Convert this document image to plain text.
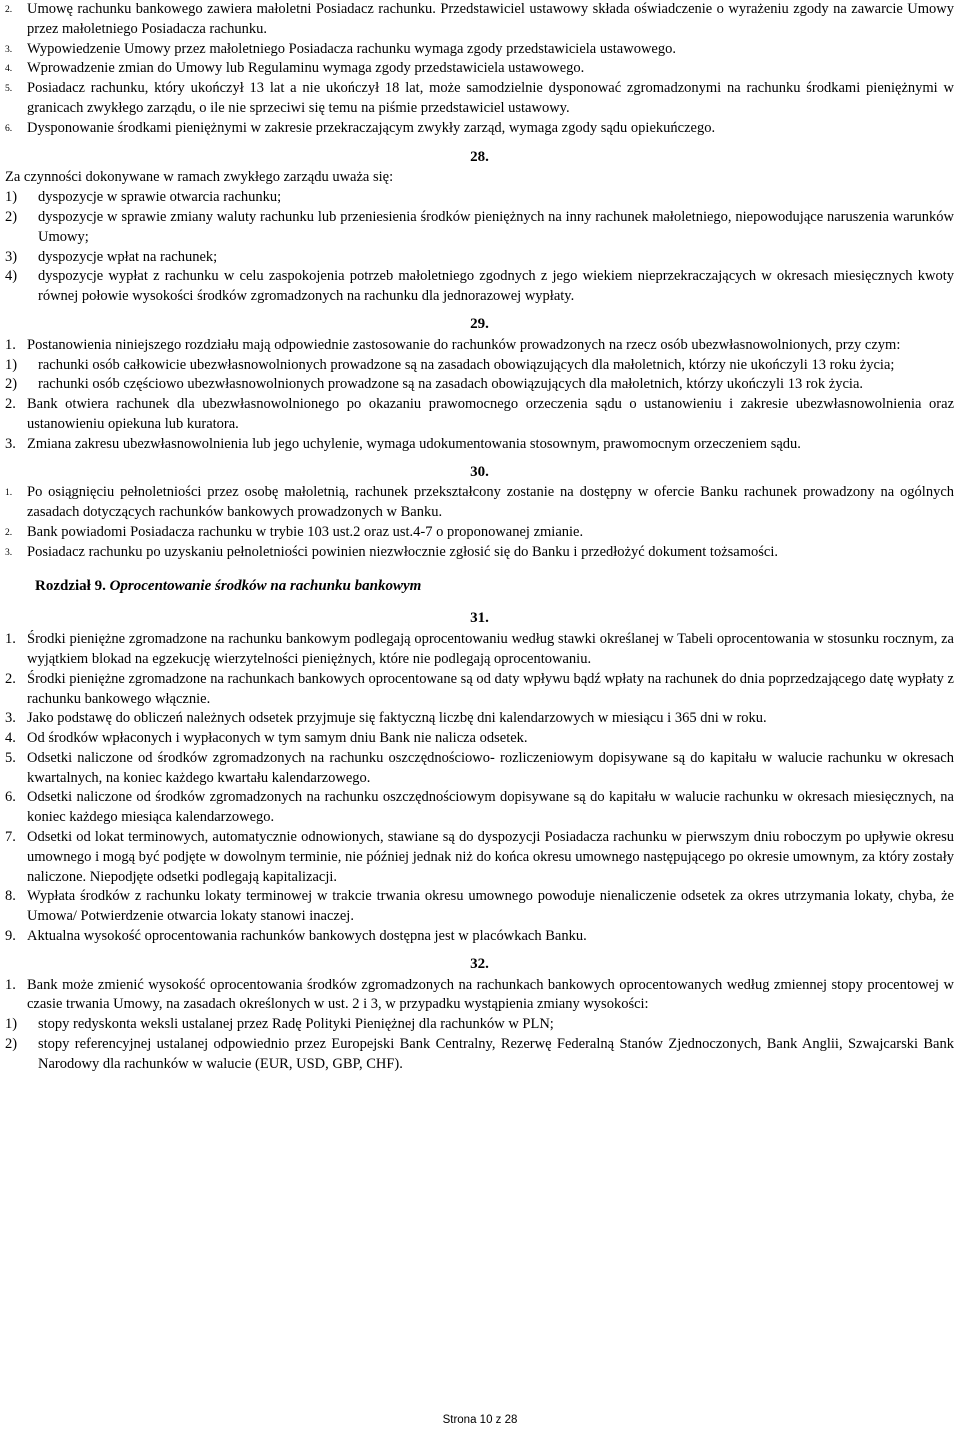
2.	Umowę rachunku bankowego zawiera małoletni Posiadacz rachunku. Przedstawiciel ustawowy składa oświadczenie o wyrażeniu zgody na zawarcie Umowy przez małoletniego Posiadacza rachunku.
3.	Wypowiedzenie Umowy przez małoletniego Posiadacza rachunku wymaga zgody przedstawiciela ustawowego.
4.	Wprowadzenie zmian do Umowy lub Regulaminu wymaga zgody przedstawiciela ustawowego.
5.	Posiadacz rachunku, który ukończył 13 lat a nie ukończył 18 lat, może samodzielnie dysponować zgromadzonymi na rachunku środkami pieniężnymi w granicach zwykłego zarządu, o ile nie sprzeciwi się temu na piśmie przedstawiciel ustawowy.
6.	Dysponowanie środkami pieniężnymi w zakresie przekraczającym zwykły zarząd, wymaga zgody sądu opiekuńczego.
28.
Za czynności dokonywane w ramach zwykłego zarządu uważa się:
1)	dyspozycje w sprawie otwarcia rachunku;
2)	dyspozycje w sprawie zmiany waluty rachunku lub przeniesienia środków pieniężnych na inny rachunek małoletniego, niepowodujące naruszenia warunków Umowy;
3)	dyspozycje wpłat na rachunek;
4)	dyspozycje wypłat z rachunku w celu zaspokojenia potrzeb małoletniego zgodnych z jego wiekiem nieprzekraczających w okresach miesięcznych kwoty równej połowie wysokości środków zgromadzonych na rachunku dla jednorazowej wypłaty.
29.
1. Postanowienia niniejszego rozdziału mają odpowiednie zastosowanie do rachunków prowadzonych na rzecz osób ubezwłasnowolnionych, przy czym:
1)	rachunki osób całkowicie ubezwłasnowolnionych prowadzone są na zasadach obowiązujących dla małoletnich, którzy nie ukończyli 13 roku życia;
2)	rachunki osób częściowo ubezwłasnowolnionych prowadzone są na zasadach obowiązujących dla małoletnich, którzy ukończyli 13 rok życia.
2. Bank otwiera rachunek dla ubezwłasnowolnionego po okazaniu prawomocnego orzeczenia sądu o ustanowieniu i zakresie ubezwłasnowolnienia oraz ustanowieniu opiekuna lub kuratora.
3. Zmiana zakresu ubezwłasnowolnienia lub jego uchylenie, wymaga udokumentowania stosownym, prawomocnym orzeczeniem sądu.
30.
1.	Po osiągnięciu pełnoletniości przez osobę małoletnią, rachunek przekształcony zostanie na dostępny w ofercie Banku rachunek prowadzony na ogólnych zasadach dotyczących rachunków bankowych prowadzonych w Banku.
2.	Bank powiadomi Posiadacza rachunku w trybie 103 ust.2 oraz ust.4-7 o proponowanej zmianie.
3.	Posiadacz rachunku po uzyskaniu pełnoletniości powinien niezwłocznie zgłosić się do Banku i przedłożyć dokument tożsamości.
Rozdział 9. Oprocentowanie środków na rachunku bankowym
31.
1. Środki pieniężne zgromadzone na rachunku bankowym podlegają oprocentowaniu według stawki określanej w Tabeli oprocentowania w stosunku rocznym, za wyjątkiem blokad na egzekucję wierzytelności pieniężnych, które nie podlegają oprocentowaniu.
2. Środki pieniężne zgromadzone na rachunkach bankowych oprocentowane są od daty wpływu bądź wpłaty na rachunek do dnia poprzedzającego datę wypłaty z rachunku bankowego włącznie.
3. Jako podstawę do obliczeń należnych odsetek przyjmuje się faktyczną liczbę dni kalendarzowych w miesiącu i 365 dni w roku.
4. Od środków wpłaconych i wypłaconych w tym samym dniu Bank nie nalicza odsetek.
5. Odsetki naliczone od środków zgromadzonych na rachunku oszczędnościowo- rozliczeniowym dopisywane są do kapitału w walucie rachunku w okresach kwartalnych, na koniec każdego kwartału kalendarzowego.
6. Odsetki naliczone od środków zgromadzonych na rachunku oszczędnościowym dopisywane są do kapitału w walucie rachunku w okresach miesięcznych, na koniec każdego miesiąca kalendarzowego.
7. Odsetki od lokat terminowych, automatycznie odnowionych, stawiane są do dyspozycji Posiadacza rachunku w pierwszym dniu roboczym po upływie okresu umownego i mogą być podjęte w dowolnym terminie, nie później jednak niż do końca okresu umownego następującego po okresie umownym, za który zostały naliczone. Niepodjęte odsetki podlegają kapitalizacji.
8. Wypłata środków z rachunku lokaty terminowej w trakcie trwania okresu umownego powoduje nienaliczenie odsetek za okres utrzymania lokaty, chyba, że Umowa/ Potwierdzenie otwarcia lokaty stanowi inaczej.
9. Aktualna wysokość oprocentowania rachunków bankowych dostępna jest w placówkach Banku.
32.
1. Bank może zmienić wysokość oprocentowania środków zgromadzonych na rachunkach bankowych oprocentowanych według zmiennej stopy procentowej w czasie trwania Umowy, na zasadach określonych w ust. 2 i 3, w przypadku wystąpienia zmiany wysokości:
1)	stopy redyskonta weksli ustalanej przez Radę Polityki Pieniężnej dla rachunków w PLN;
2)	stopy referencyjnej ustalanej odpowiednio przez Europejski Bank Centralny, Rezerwę Federalną Stanów Zjednoczonych, Bank Anglii, Szwajcarski Bank Narodowy dla rachunków w walucie (EUR, USD, GBP, CHF).
Strona 10 z 28
